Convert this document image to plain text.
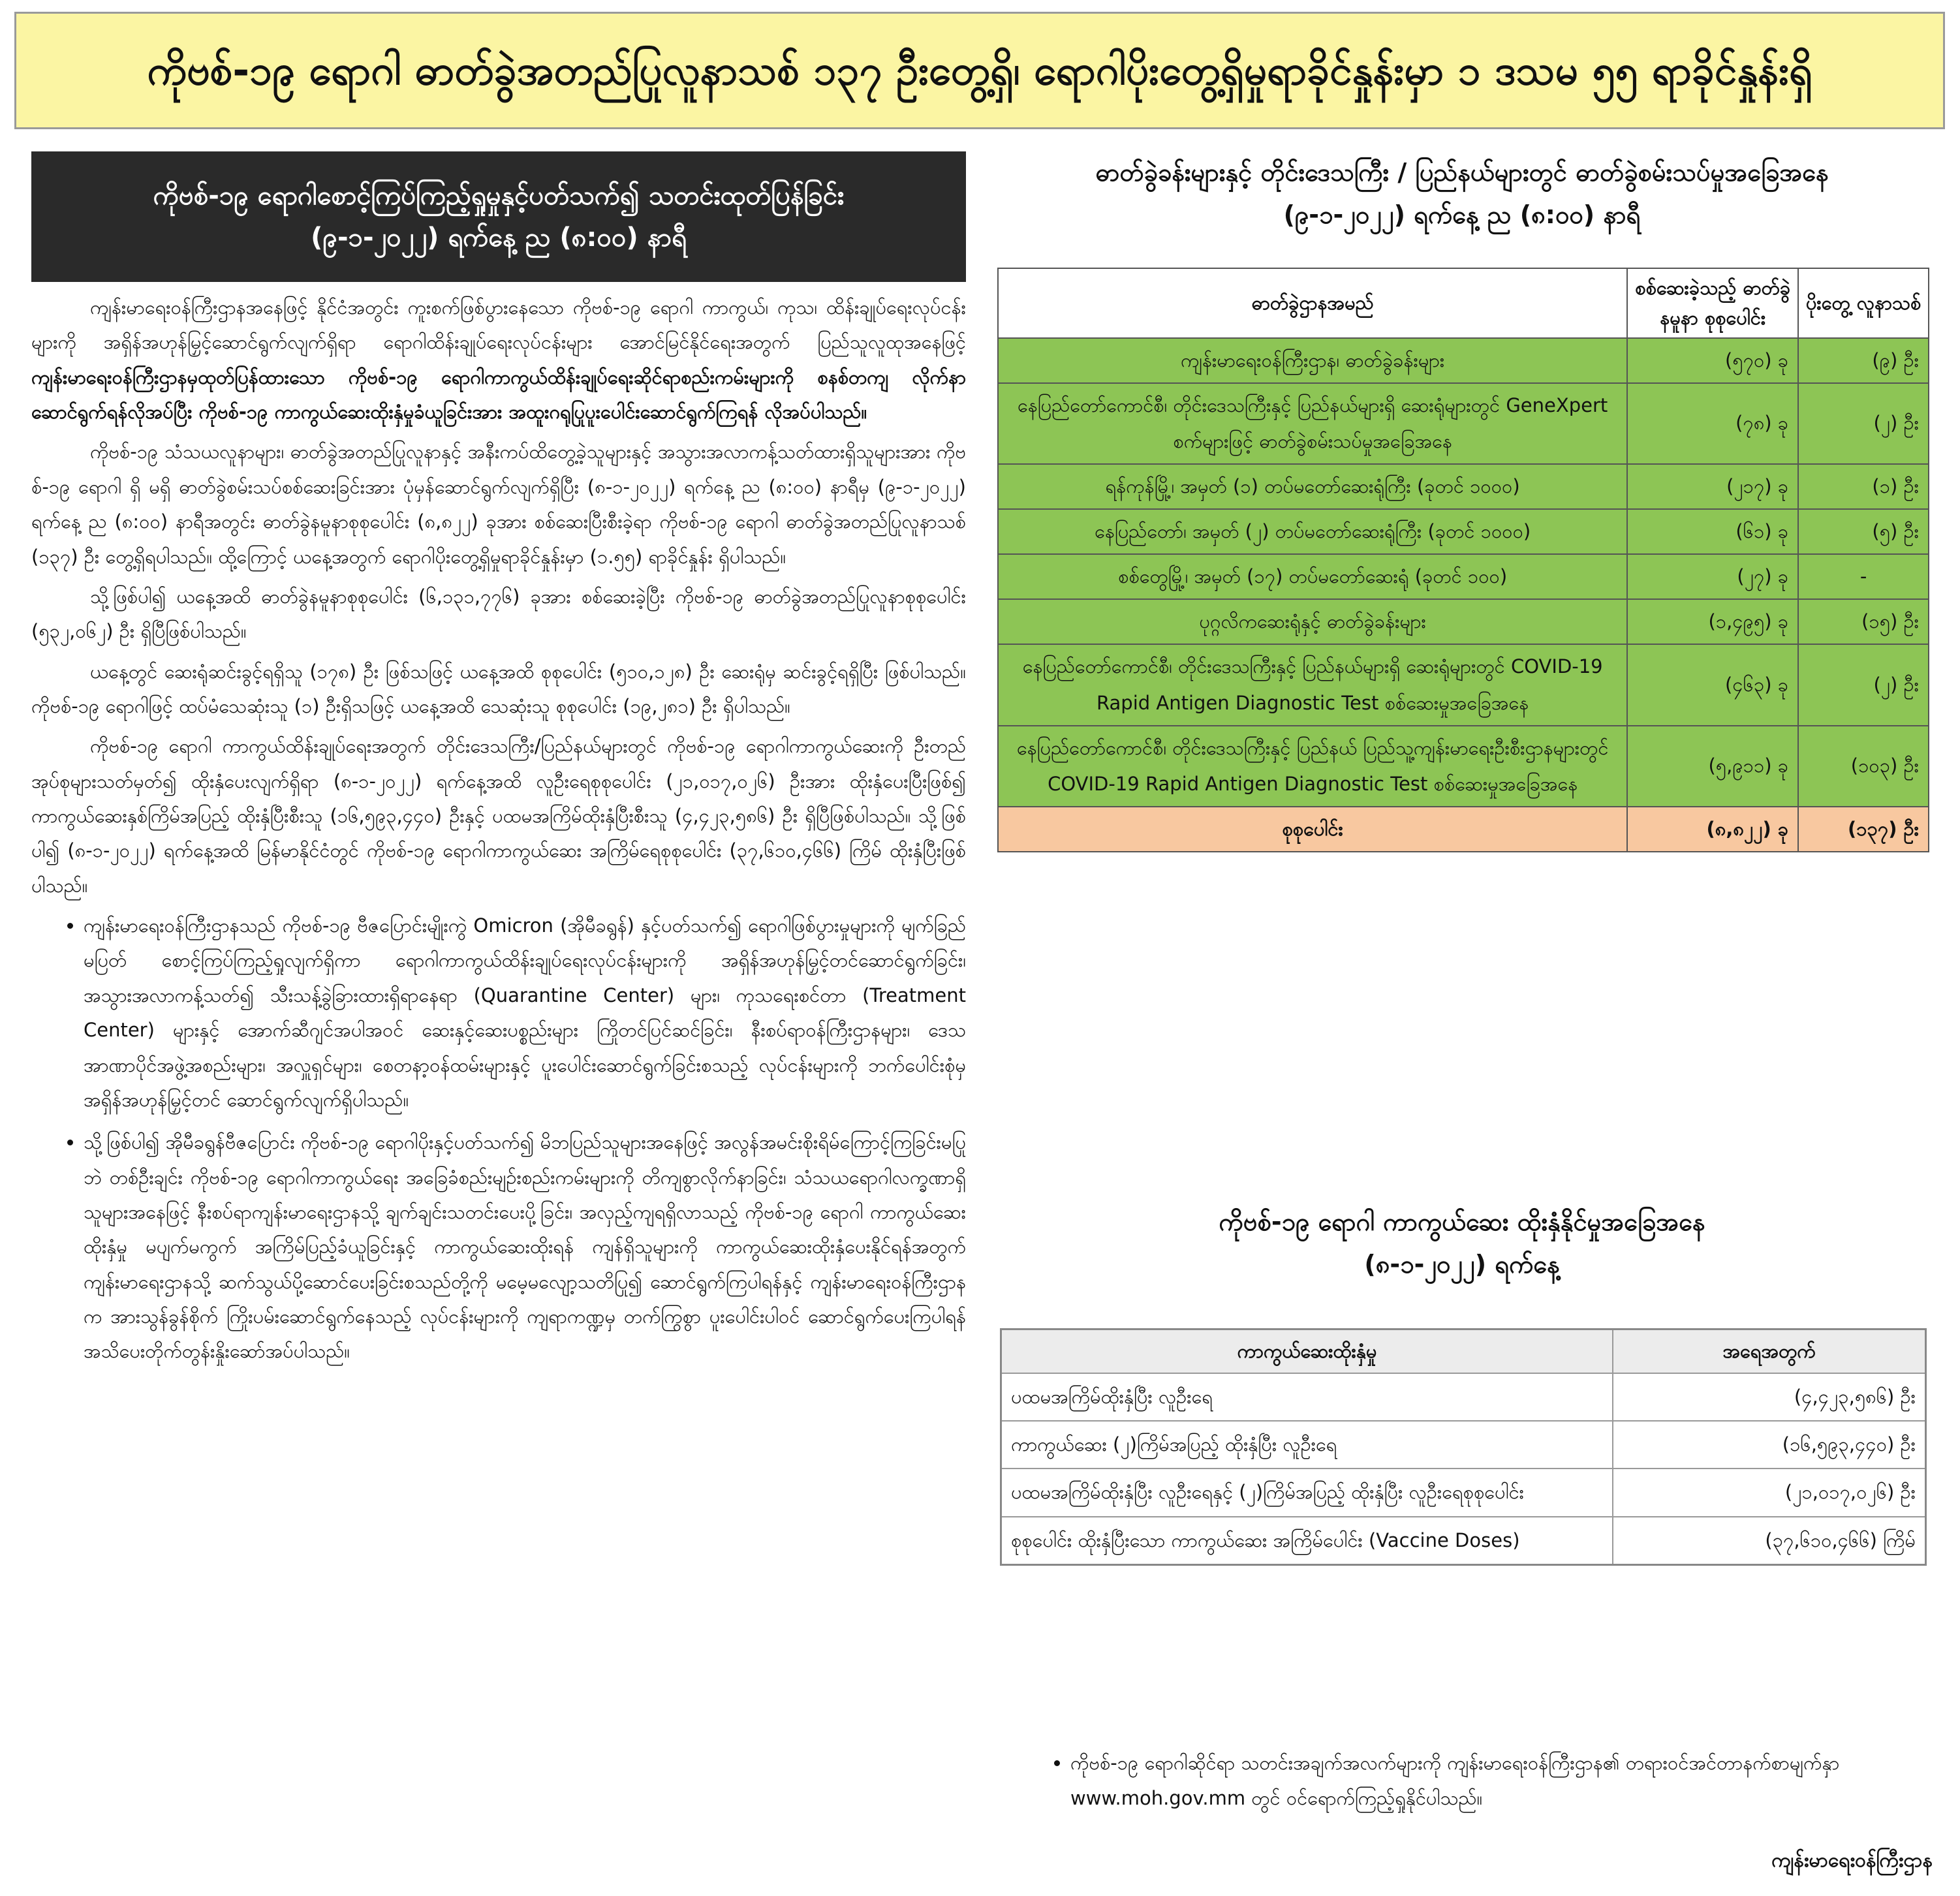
ကိုဗစ်-၁၉ ရောဂါ ဓာတ်ခွဲအတည်ပြုလူနာသစ် ၁၃၇ ဦးတွေ့ရှိ၊ ရောဂါပိုးတွေ့ရှိမှုရာခိုင်နှုန်းမှာ ၁ ဒသမ ၅၅ ရာခိုင်နှုန်းရှိ
ကိုဗစ်-၁၉ ရောဂါစောင့်ကြပ်ကြည့်ရှုမှုနှင့်ပတ်သက်၍ သတင်းထုတ်ပြန်ခြင်း
(၉-၁-၂၀၂၂) ရက်နေ့ ည (၈:၀၀) နာရီ

ကျန်းမာရေးဝန်ကြီးဌာနအနေဖြင့် နိုင်ငံအတွင်း ကူးစက်ဖြစ်ပွားနေသော ကိုဗစ်-၁၉ ရောဂါ ကာကွယ်၊ ကုသ၊ ထိန်းချုပ်ရေးလုပ်ငန်းများကို အရှိန်အဟုန်မြှင့်ဆောင်ရွက်လျက်ရှိရာ ရောဂါထိန်းချုပ်ရေးလုပ်ငန်းများ အောင်မြင်နိုင်ရေးအတွက် ပြည်သူလူထုအနေဖြင့် ကျန်းမာရေးဝန်ကြီးဌာနမှထုတ်ပြန်ထားသော ကိုဗစ်-၁၉ ရောဂါကာကွယ်ထိန်းချုပ်ရေးဆိုင်ရာစည်းကမ်းများကို စနစ်တကျ လိုက်နာဆောင်ရွက်ရန်လိုအပ်ပြီး ကိုဗစ်-၁၉ ကာကွယ်ဆေးထိုးနှံမှုခံယူခြင်းအား အထူးဂရုပြုပူးပေါင်းဆောင်ရွက်ကြရန် လိုအပ်ပါသည်။

ကိုဗစ်-၁၉ သံသယလူနာများ၊ ဓာတ်ခွဲအတည်ပြုလူနာနှင့် အနီးကပ်ထိတွေ့ခဲ့သူများနှင့် အသွားအလာကန့်သတ်ထားရှိသူများအား ကိုဗစ်-၁၉ ရောဂါ ရှိ မရှိ ဓာတ်ခွဲစမ်းသပ်စစ်ဆေးခြင်းအား ပုံမှန်ဆောင်ရွက်လျက်ရှိပြီး (၈-၁-၂၀၂၂) ရက်နေ့ ည (၈:၀၀) နာရီမှ (၉-၁-၂၀၂၂) ရက်နေ့ ည (၈:၀၀) နာရီအတွင်း ဓာတ်ခွဲနမူနာစုစုပေါင်း (၈,၈၂၂) ခုအား စစ်ဆေးပြီးစီးခဲ့ရာ ကိုဗစ်-၁၉ ရောဂါ ဓာတ်ခွဲအတည်ပြုလူနာသစ် (၁၃၇) ဦး တွေ့ရှိရပါသည်။ ထို့ကြောင့် ယနေ့အတွက် ရောဂါပိုးတွေ့ရှိမှုရာခိုင်နှုန်းမှာ (၁.၅၅) ရာခိုင်နှုန်း ရှိပါသည်။

သို့ဖြစ်ပါ၍ ယနေ့အထိ ဓာတ်ခွဲနမူနာစုစုပေါင်း (၆,၁၃၁,၇၇၆) ခုအား စစ်ဆေးခဲ့ပြီး ကိုဗစ်-၁၉ ဓာတ်ခွဲအတည်ပြုလူနာစုစုပေါင်း (၅၃၂,၀၆၂) ဦး ရှိပြီဖြစ်ပါသည်။

ယနေ့တွင် ဆေးရုံဆင်းခွင့်ရရှိသူ (၁၇၈) ဦး ဖြစ်သဖြင့် ယနေ့အထိ စုစုပေါင်း (၅၁၀,၁၂၈) ဦး ဆေးရုံမှ ဆင်းခွင့်ရရှိပြီး ဖြစ်ပါသည်။ ကိုဗစ်-၁၉ ရောဂါဖြင့် ထပ်မံသေဆုံးသူ (၁) ဦးရှိသဖြင့် ယနေ့အထိ သေဆုံးသူ စုစုပေါင်း (၁၉,၂၈၁) ဦး ရှိပါသည်။

ကိုဗစ်-၁၉ ရောဂါ ကာကွယ်ထိန်းချုပ်ရေးအတွက် တိုင်းဒေသကြီး/ပြည်နယ်များတွင် ကိုဗစ်-၁၉ ရောဂါကာကွယ်ဆေးကို ဦးတည်အုပ်စုများသတ်မှတ်၍ ထိုးနှံပေးလျက်ရှိရာ (၈-၁-၂၀၂၂) ရက်နေ့အထိ လူဦးရေစုစုပေါင်း (၂၁,၀၁၇,၀၂၆) ဦးအား ထိုးနှံပေးပြီးဖြစ်၍ ကာကွယ်ဆေးနှစ်ကြိမ်အပြည့် ထိုးနှံပြီးစီးသူ (၁၆,၅၉၃,၄၄၀) ဦးနှင့် ပထမအကြိမ်ထိုးနှံပြီးစီးသူ (၄,၄၂၃,၅၈၆) ဦး ရှိပြီဖြစ်ပါသည်။ သို့ဖြစ်ပါ၍ (၈-၁-၂၀၂၂) ရက်နေ့အထိ မြန်မာနိုင်ငံတွင် ကိုဗစ်-၁၉ ရောဂါကာကွယ်ဆေး အကြိမ်ရေစုစုပေါင်း (၃၇,၆၁၀,၄၆၆) ကြိမ် ထိုးနှံပြီးဖြစ်ပါသည်။

• ကျန်းမာရေးဝန်ကြီးဌာနသည် ကိုဗစ်-၁၉ ဗီဇပြောင်းမျိုးကွဲ Omicron (အိုမီခရွန်) နှင့်ပတ်သက်၍ ရောဂါဖြစ်ပွားမှုများကို မျက်ခြည်မပြတ် စောင့်ကြပ်ကြည့်ရှုလျက်ရှိကာ ရောဂါကာကွယ်ထိန်းချုပ်ရေးလုပ်ငန်းများကို အရှိန်အဟုန်မြှင့်တင်ဆောင်ရွက်ခြင်း၊ အသွားအလာကန့်သတ်၍ သီးသန့်ခွဲခြားထားရှိရာနေရာ (Quarantine Center) များ၊ ကုသရေးစင်တာ (Treatment Center) များနှင့် အောက်ဆီဂျင်အပါအဝင် ဆေးနှင့်ဆေးပစ္စည်းများ ကြိုတင်ပြင်ဆင်ခြင်း၊ နီးစပ်ရာဝန်ကြီးဌာနများ၊ ဒေသအာဏာပိုင်အဖွဲ့အစည်းများ၊ အလှူရှင်များ၊ စေတနာ့ဝန်ထမ်းများနှင့် ပူးပေါင်းဆောင်ရွက်ခြင်းစသည့် လုပ်ငန်းများကို ဘက်ပေါင်းစုံမှ အရှိန်အဟုန်မြှင့်တင် ဆောင်ရွက်လျက်ရှိပါသည်။
• သို့ဖြစ်ပါ၍ အိုမီခရွန်ဗီဇပြောင်း ကိုဗစ်-၁၉ ရောဂါပိုးနှင့်ပတ်သက်၍ မိဘပြည်သူများအနေဖြင့် အလွန်အမင်းစိုးရိမ်ကြောင့်ကြခြင်းမပြုဘဲ တစ်ဦးချင်း ကိုဗစ်-၁၉ ရောဂါကာကွယ်ရေး အခြေခံစည်းမျဉ်းစည်းကမ်းများကို တိကျစွာလိုက်နာခြင်း၊ သံသယရောဂါလက္ခဏာရှိသူများအနေဖြင့် နီးစပ်ရာကျန်းမာရေးဌာနသို့ ချက်ချင်းသတင်းပေးပို့ခြင်း၊ အလှည့်ကျရရှိလာသည့် ကိုဗစ်-၁၉ ရောဂါ ကာကွယ်ဆေးထိုးနှံမှု မပျက်မကွက် အကြိမ်ပြည့်ခံယူခြင်းနှင့် ကာကွယ်ဆေးထိုးရန် ကျန်ရှိသူများကို ကာကွယ်ဆေးထိုးနှံပေးနိုင်ရန်အတွက် ကျန်းမာရေးဌာနသို့ ဆက်သွယ်ပို့ဆောင်ပေးခြင်းစသည်တို့ကို မမေ့မလျော့သတိပြု၍ ဆောင်ရွက်ကြပါရန်နှင့် ကျန်းမာရေးဝန်ကြီးဌာနက အားသွန်ခွန်စိုက် ကြိုးပမ်းဆောင်ရွက်နေသည့် လုပ်ငန်းများကို ကျရာကဏ္ဍမှ တက်ကြွစွာ ပူးပေါင်းပါဝင် ဆောင်ရွက်ပေးကြပါရန် အသိပေးတိုက်တွန်းနှိုးဆော်အပ်ပါသည်။
ဓာတ်ခွဲခန်းများနှင့် တိုင်းဒေသကြီး / ပြည်နယ်များတွင် ဓာတ်ခွဲစမ်းသပ်မှုအခြေအနေ
(၉-၁-၂၀၂၂) ရက်နေ့ ည (၈:၀၀) နာရီ
ဓာတ်ခွဲဌာနအမည်	စစ်ဆေးခဲ့သည့် ဓာတ်ခွဲနမူနာ စုစုပေါင်း	ပိုးတွေ့ လူနာသစ်
ကျန်းမာရေးဝန်ကြီးဌာန၊ ဓာတ်ခွဲခန်းများ	(၅၇၀) ခု	(၉) ဦး
နေပြည်တော်ကောင်စီ၊ တိုင်းဒေသကြီးနှင့် ပြည်နယ်များရှိ ဆေးရုံများတွင် GeneXpert စက်များဖြင့် ဓာတ်ခွဲစမ်းသပ်မှုအခြေအနေ	(၇၈) ခု	(၂) ဦး
ရန်ကုန်မြို့၊ အမှတ် (၁) တပ်မတော်ဆေးရုံကြီး (ခုတင် ၁၀၀၀)	(၂၁၇) ခု	(၁) ဦး
နေပြည်တော်၊ အမှတ် (၂) တပ်မတော်ဆေးရုံကြီး (ခုတင် ၁၀၀၀)	(၆၁) ခု	(၅) ဦး
စစ်တွေမြို့၊ အမှတ် (၁၇) တပ်မတော်ဆေးရုံ (ခုတင် ၁၀၀)	(၂၇) ခု	-
ပုဂ္ဂလိကဆေးရုံနှင့် ဓာတ်ခွဲခန်းများ	(၁,၄၉၅) ခု	(၁၅) ဦး
နေပြည်တော်ကောင်စီ၊ တိုင်းဒေသကြီးနှင့် ပြည်နယ်များရှိ ဆေးရုံများတွင် COVID-19 Rapid Antigen Diagnostic Test စစ်ဆေးမှုအခြေအနေ	(၄၆၃) ခု	(၂) ဦး
နေပြည်တော်ကောင်စီ၊ တိုင်းဒေသကြီးနှင့် ပြည်နယ် ပြည်သူ့ကျန်းမာရေးဦးစီးဌာနများတွင် COVID-19 Rapid Antigen Diagnostic Test စစ်ဆေးမှုအခြေအနေ	(၅,၉၁၁) ခု	(၁၀၃) ဦး
စုစုပေါင်း	(၈,၈၂၂) ခု	(၁၃၇) ဦး
ကိုဗစ်-၁၉ ရောဂါ ကာကွယ်ဆေး ထိုးနှံနိုင်မှုအခြေအနေ
(၈-၁-၂၀၂၂) ရက်နေ့
ကာကွယ်ဆေးထိုးနှံမှု	အရေအတွက်
ပထမအကြိမ်ထိုးနှံပြီး လူဦးရေ	(၄,၄၂၃,၅၈၆) ဦး
ကာကွယ်ဆေး (၂)ကြိမ်အပြည့် ထိုးနှံပြီး လူဦးရေ	(၁၆,၅၉၃,၄၄၀) ဦး
ပထမအကြိမ်ထိုးနှံပြီး လူဦးရေနှင့် (၂)ကြိမ်အပြည့် ထိုးနှံပြီး လူဦးရေစုစုပေါင်း	(၂၁,၀၁၇,၀၂၆) ဦး
စုစုပေါင်း ထိုးနှံပြီးသော ကာကွယ်ဆေး အကြိမ်ပေါင်း (Vaccine Doses)	(၃၇,၆၁၀,၄၆၆) ကြိမ်
• ကိုဗစ်-၁၉ ရောဂါဆိုင်ရာ သတင်းအချက်အလက်များကို ကျန်းမာရေးဝန်ကြီးဌာန၏ တရားဝင်အင်တာနက်စာမျက်နှာ www.moh.gov.mm တွင် ဝင်ရောက်ကြည့်ရှုနိုင်ပါသည်။
ကျန်းမာရေးဝန်ကြီးဌာန
